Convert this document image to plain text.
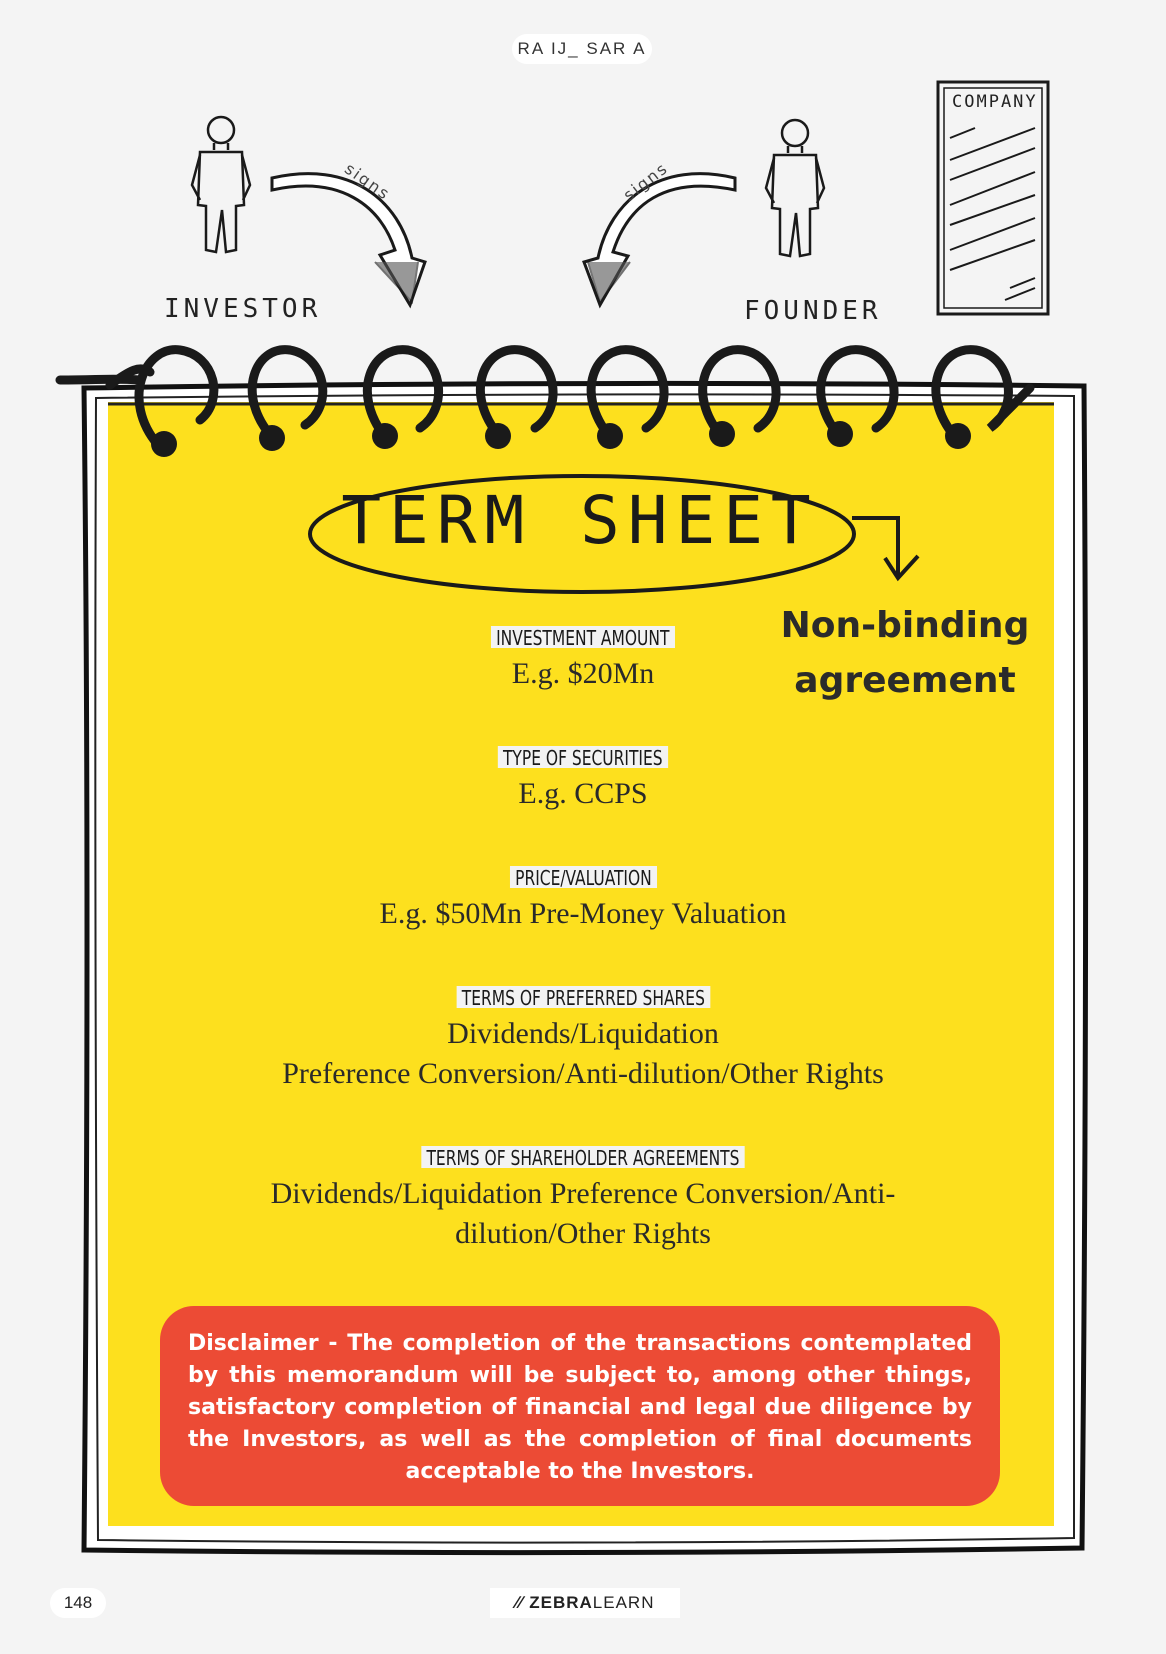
RA IJ_ SAR A
INVESTOR	FOUNDER
COMPANY
signs	signs
TERM SHEET
Non-binding agreement
INVESTMENT AMOUNT
E.g. $20Mn
TYPE OF SECURITIES
E.g. CCPS
PRICE/VALUATION
E.g. $50Mn Pre-Money Valuation
TERMS OF PREFERRED SHARES
Dividends/Liquidation
Preference Conversion/Anti-dilution/Other Rights
TERMS OF SHAREHOLDER AGREEMENTS
Dividends/Liquidation Preference Conversion/Anti-
dilution/Other Rights
Disclaimer - The completion of the transactions contemplated by this memorandum will be subject to, among other things, satisfactory completion of financial and legal due diligence by the Investors, as well as the completion of final documents acceptable to the Investors.
148	∕∕ ZEBRA LEARN
